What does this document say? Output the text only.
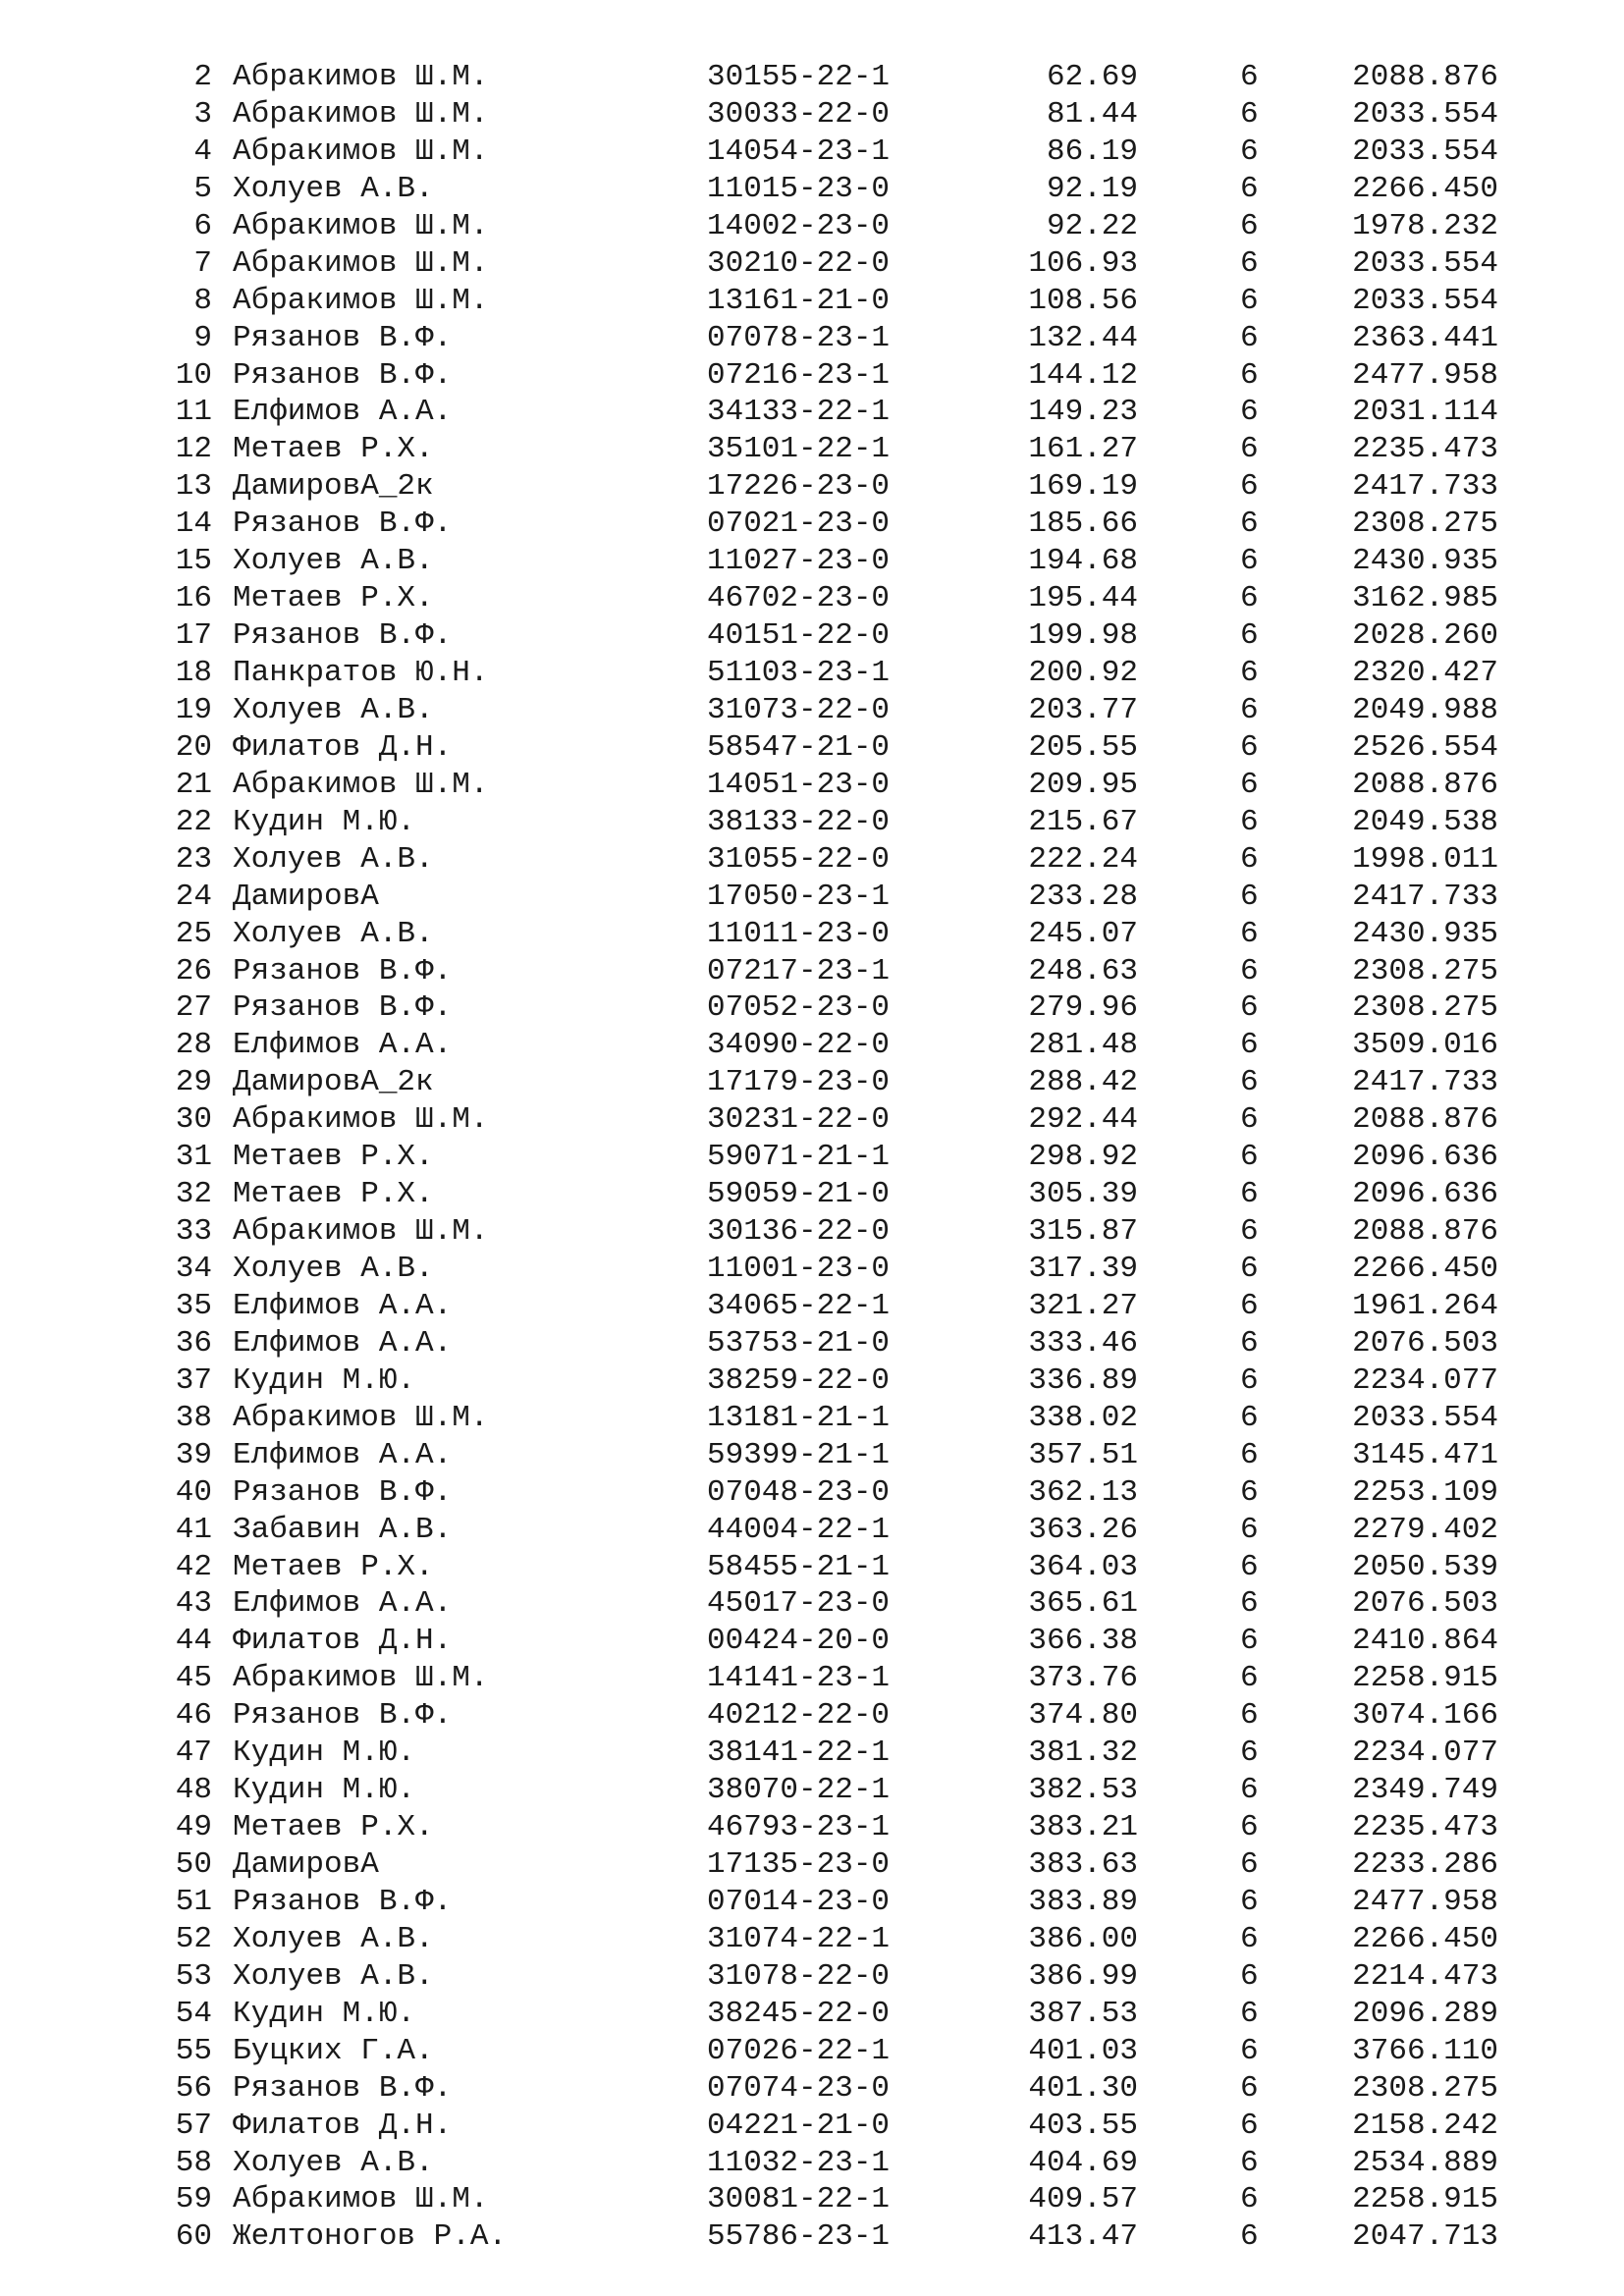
2 Абракимов Ш.М.	30155-22-1	62.69	6	2088.876
3 Абракимов Ш.М.	30033-22-0	81.44	6	2033.554
4 Абракимов Ш.М.	14054-23-1	86.19	6	2033.554
5 Холуев А.В.	11015-23-0	92.19	6	2266.450
6 Абракимов Ш.М.	14002-23-0	92.22	6	1978.232
7 Абракимов Ш.М.	30210-22-0	106.93	6	2033.554
8 Абракимов Ш.М.	13161-21-0	108.56	6	2033.554
9 Рязанов В.Ф.	07078-23-1	132.44	6	2363.441
10 Рязанов В.Ф.	07216-23-1	144.12	6	2477.958
11 Елфимов А.А.	34133-22-1	149.23	6	2031.114
12 Метаев Р.Х.	35101-22-1	161.27	6	2235.473
13 ДамировА_2к	17226-23-0	169.19	6	2417.733
14 Рязанов В.Ф.	07021-23-0	185.66	6	2308.275
15 Холуев А.В.	11027-23-0	194.68	6	2430.935
16 Метаев Р.Х.	46702-23-0	195.44	6	3162.985
17 Рязанов В.Ф.	40151-22-0	199.98	6	2028.260
18 Панкратов Ю.Н.	51103-23-1	200.92	6	2320.427
19 Холуев А.В.	31073-22-0	203.77	6	2049.988
20 Филатов Д.Н.	58547-21-0	205.55	6	2526.554
21 Абракимов Ш.М.	14051-23-0	209.95	6	2088.876
22 Кудин М.Ю.	38133-22-0	215.67	6	2049.538
23 Холуев А.В.	31055-22-0	222.24	6	1998.011
24 ДамировА	17050-23-1	233.28	6	2417.733
25 Холуев А.В.	11011-23-0	245.07	6	2430.935
26 Рязанов В.Ф.	07217-23-1	248.63	6	2308.275
27 Рязанов В.Ф.	07052-23-0	279.96	6	2308.275
28 Елфимов А.А.	34090-22-0	281.48	6	3509.016
29 ДамировА_2к	17179-23-0	288.42	6	2417.733
30 Абракимов Ш.М.	30231-22-0	292.44	6	2088.876
31 Метаев Р.Х.	59071-21-1	298.92	6	2096.636
32 Метаев Р.Х.	59059-21-0	305.39	6	2096.636
33 Абракимов Ш.М.	30136-22-0	315.87	6	2088.876
34 Холуев А.В.	11001-23-0	317.39	6	2266.450
35 Елфимов А.А.	34065-22-1	321.27	6	1961.264
36 Елфимов А.А.	53753-21-0	333.46	6	2076.503
37 Кудин М.Ю.	38259-22-0	336.89	6	2234.077
38 Абракимов Ш.М.	13181-21-1	338.02	6	2033.554
39 Елфимов А.А.	59399-21-1	357.51	6	3145.471
40 Рязанов В.Ф.	07048-23-0	362.13	6	2253.109
41 Забавин А.В.	44004-22-1	363.26	6	2279.402
42 Метаев Р.Х.	58455-21-1	364.03	6	2050.539
43 Елфимов А.А.	45017-23-0	365.61	6	2076.503
44 Филатов Д.Н.	00424-20-0	366.38	6	2410.864
45 Абракимов Ш.М.	14141-23-1	373.76	6	2258.915
46 Рязанов В.Ф.	40212-22-0	374.80	6	3074.166
47 Кудин М.Ю.	38141-22-1	381.32	6	2234.077
48 Кудин М.Ю.	38070-22-1	382.53	6	2349.749
49 Метаев Р.Х.	46793-23-1	383.21	6	2235.473
50 ДамировА	17135-23-0	383.63	6	2233.286
51 Рязанов В.Ф.	07014-23-0	383.89	6	2477.958
52 Холуев А.В.	31074-22-1	386.00	6	2266.450
53 Холуев А.В.	31078-22-0	386.99	6	2214.473
54 Кудин М.Ю.	38245-22-0	387.53	6	2096.289
55 Буцких Г.А.	07026-22-1	401.03	6	3766.110
56 Рязанов В.Ф.	07074-23-0	401.30	6	2308.275
57 Филатов Д.Н.	04221-21-0	403.55	6	2158.242
58 Холуев А.В.	11032-23-1	404.69	6	2534.889
59 Абракимов Ш.М.	30081-22-1	409.57	6	2258.915
60 Желтоногов Р.А.	55786-23-1	413.47	6	2047.713
